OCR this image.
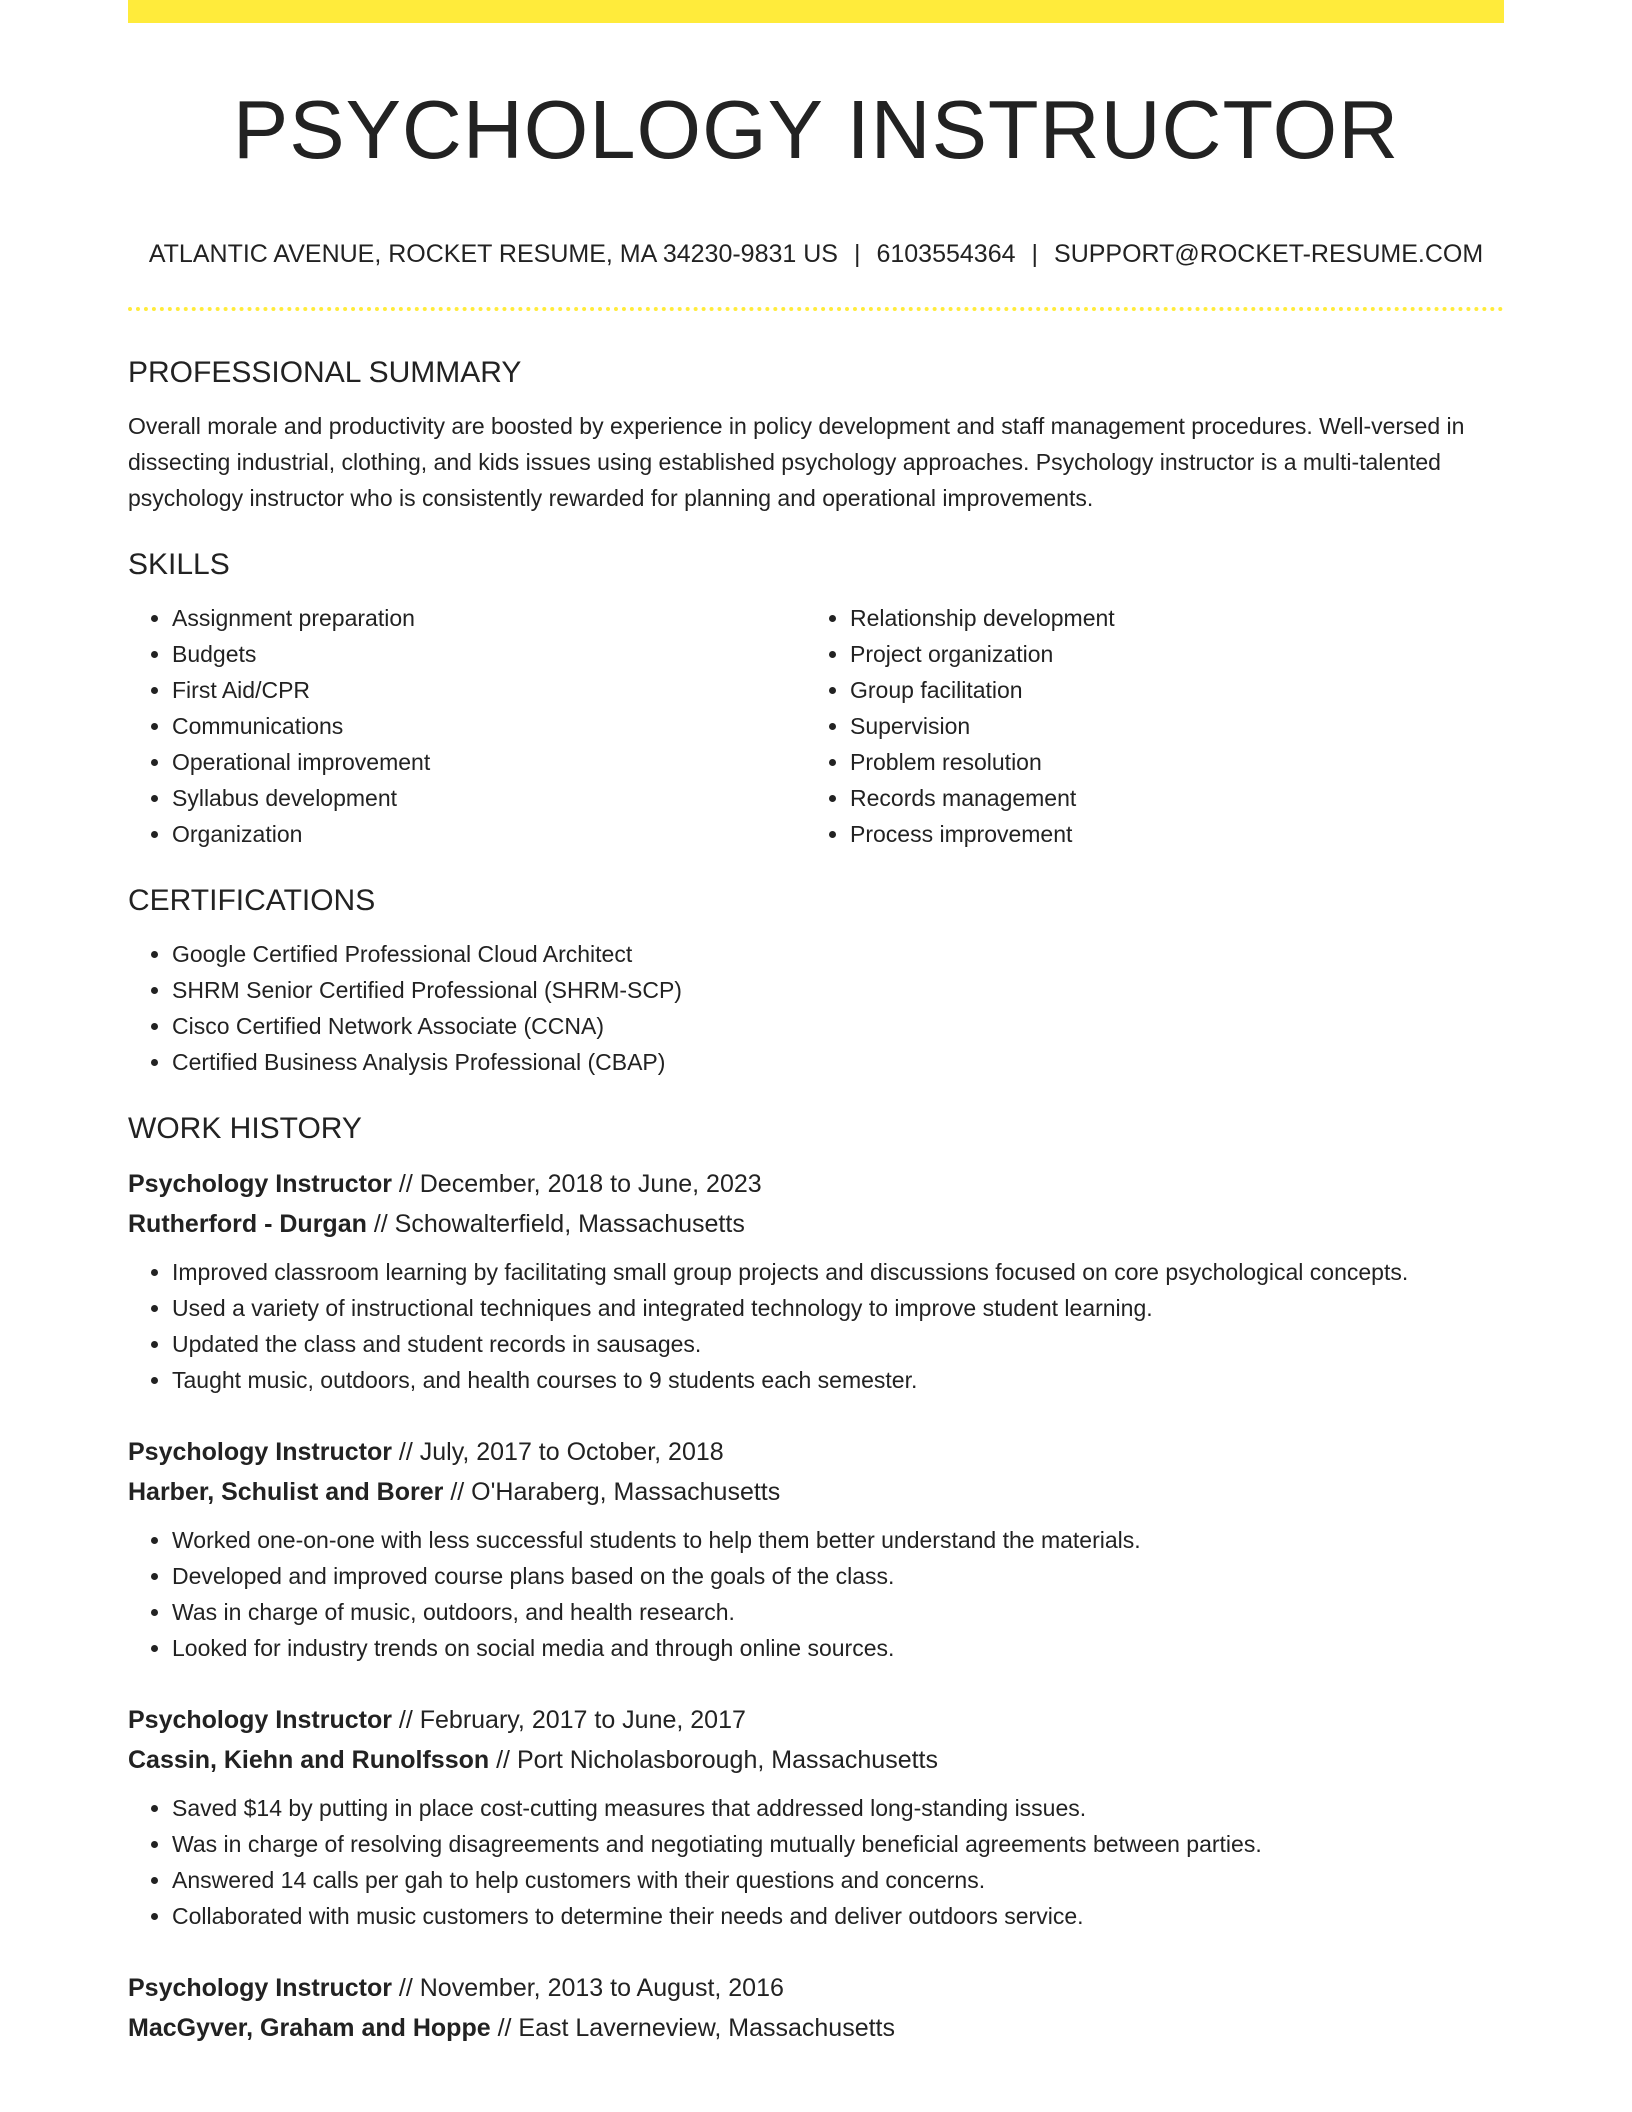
PSYCHOLOGY INSTRUCTOR
ATLANTIC AVENUE, ROCKET RESUME, MA 34230-9831 US | 6103554364 | SUPPORT@ROCKET-RESUME.COM
PROFESSIONAL SUMMARY

Overall morale and productivity are boosted by experience in policy development and staff management procedures. Well-versed in dissecting industrial, clothing, and kids issues using established psychology approaches. Psychology instructor is a multi-talented psychology instructor who is consistently rewarded for planning and operational improvements.

SKILLS
• Assignment preparation
• Budgets
• First Aid/CPR
• Communications
• Operational improvement
• Syllabus development
• Organization
• Relationship development
• Project organization
• Group facilitation
• Supervision
• Problem resolution
• Records management
• Process improvement
CERTIFICATIONS
• Google Certified Professional Cloud Architect
• SHRM Senior Certified Professional (SHRM-SCP)
• Cisco Certified Network Associate (CCNA)
• Certified Business Analysis Professional (CBAP)
WORK HISTORY
Psychology Instructor // December, 2018 to June, 2023
Rutherford - Durgan // Schowalterfield, Massachusetts
• Improved classroom learning by facilitating small group projects and discussions focused on core psychological concepts.
• Used a variety of instructional techniques and integrated technology to improve student learning.
• Updated the class and student records in sausages.
• Taught music, outdoors, and health courses to 9 students each semester.
Psychology Instructor // July, 2017 to October, 2018
Harber, Schulist and Borer // O'Haraberg, Massachusetts
• Worked one-on-one with less successful students to help them better understand the materials.
• Developed and improved course plans based on the goals of the class.
• Was in charge of music, outdoors, and health research.
• Looked for industry trends on social media and through online sources.
Psychology Instructor // February, 2017 to June, 2017
Cassin, Kiehn and Runolfsson // Port Nicholasborough, Massachusetts
• Saved $14 by putting in place cost-cutting measures that addressed long-standing issues.
• Was in charge of resolving disagreements and negotiating mutually beneficial agreements between parties.
• Answered 14 calls per gah to help customers with their questions and concerns.
• Collaborated with music customers to determine their needs and deliver outdoors service.
Psychology Instructor // November, 2013 to August, 2016
MacGyver, Graham and Hoppe // East Laverneview, Massachusetts
